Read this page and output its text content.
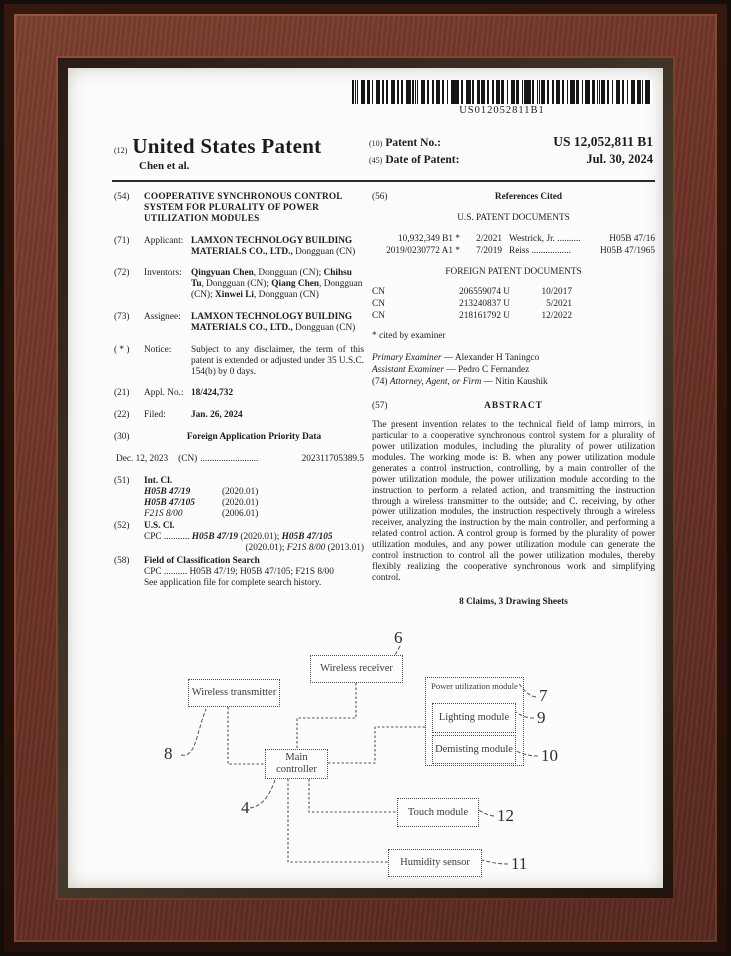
US012052811B1
(12) United States Patent
Chen et al.
(10) Patent No.:	US 12,052,811 B1
(45) Date of Patent:	Jul. 30, 2024
(54)	COOPERATIVE SYNCHRONOUS CONTROL SYSTEM FOR PLURALITY OF POWER UTILIZATION MODULES
(71)	Applicant: LAMXON TECHNOLOGY BUILDING MATERIALS CO., LTD., Dongguan (CN)
(72)	Inventors: Qingyuan Chen, Dongguan (CN); Chihsu Tu, Dongguan (CN); Qiang Chen, Dongguan (CN); Xinwei Li, Dongguan (CN)
(73)	Assignee:	LAMXON TECHNOLOGY BUILDING MATERIALS CO., LTD., Dongguan (CN)
( * )	Notice:	Subject to any disclaimer, the term of this patent is extended or adjusted under 35 U.S.C. 154(b) by 0 days.
(21)	Appl. No.: 18/424,732
(22)	Filed:	Jan. 26, 2024
(30)	Foreign Application Priority Data
Dec. 12, 2023 (CN) .........................	202311705389.5
(51)	Int. Cl.
H05B 47/19	(2020.01)
H05B 47/105	(2020.01)
F21S 8/00	(2006.01)
(52)	U.S. Cl.
CPC ........... H05B 47/19 (2020.01); H05B 47/105
(2020.01); F21S 8/00 (2013.01)
(58)	Field of Classification Search
CPC .......... H05B 47/19; H05B 47/105; F21S 8/00
See application file for complete search history.
(56)	References Cited
U.S. PATENT DOCUMENTS
10,932,349 B1 *	2/2021 Westrick, Jr. ..........	H05B 47/16
2019/0230772 A1 *	7/2019 Reiss .................	H05B 47/1965
FOREIGN PATENT DOCUMENTS
CN	206559074 U	10/2017
CN	213240837 U	5/2021
CN	218161792 U	12/2022
* cited by examiner
Primary Examiner — Alexander H Taningco
Assistant Examiner — Pedro C Fernandez
(74) Attorney, Agent, or Firm — Nitin Kaushik
(57)	ABSTRACT
The present invention relates to the technical field of lamp mirrors, in particular to a cooperative synchronous control system for a plurality of power utilization modules, including the plurality of power utilization modules. The working mode is: B. when any power utilization module generates a control instruction, controlling, by a main controller of the power utilization module, the power utilization module according to the instruction to perform a related action, and transmitting the instruction through a wireless transmitter to the outside; and C. receiving, by other power utilization modules, the instruction respectively through a wireless receiver, analyzing the instruction by the main controller, and performing a related control action. A control group is formed by the plurality of power utilization modules, and any power utilization module can generate the control instruction to control all the power utilization modules, thereby flexibly realizing the cooperative synchronous work and simplifying control.
8 Claims, 3 Drawing Sheets
Wireless receiver
Wireless transmitter
Power utilization module
Lighting module
Demisting module
Main controller
Touch module
Humidity sensor
6
8
7
9
10
4	12
11
